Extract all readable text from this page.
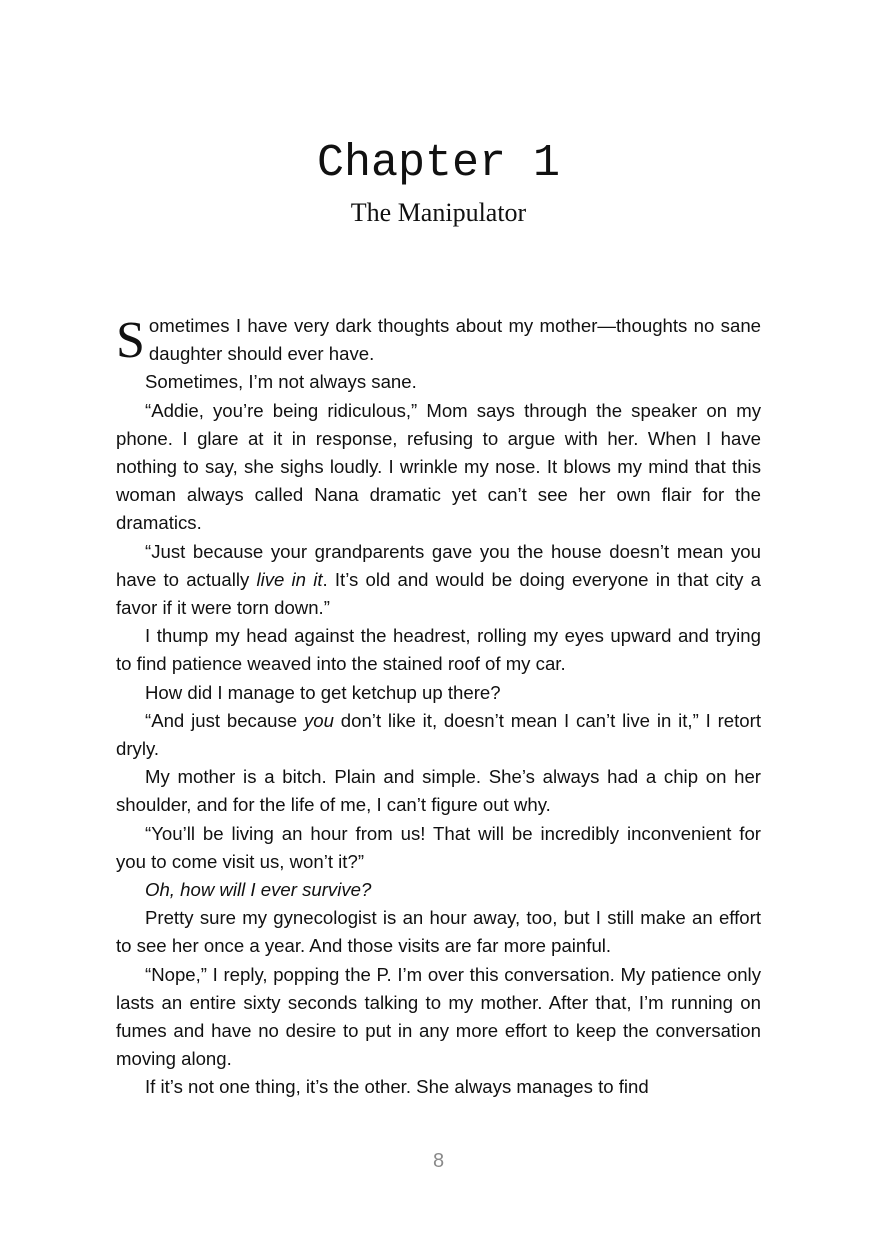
Chapter 1
The Manipulator

Sometimes I have very dark thoughts about my mother—thoughts no sane daughter should ever have.

Sometimes, I’m not always sane.

“Addie, you’re being ridiculous,” Mom says through the speaker on my phone. I glare at it in response, refusing to argue with her. When I have nothing to say, she sighs loudly. I wrinkle my nose. It blows my mind that this woman always called Nana dramatic yet can’t see her own flair for the dramatics.

“Just because your grandparents gave you the house doesn’t mean you have to actually live in it. It’s old and would be doing everyone in that city a favor if it were torn down.”

I thump my head against the headrest, rolling my eyes upward and trying to find patience weaved into the stained roof of my car.

How did I manage to get ketchup up there?

“And just because you don’t like it, doesn’t mean I can’t live in it,” I retort dryly.

My mother is a bitch. Plain and simple. She’s always had a chip on her shoulder, and for the life of me, I can’t figure out why.

“You’ll be living an hour from us! That will be incredibly inconvenient for you to come visit us, won’t it?”

Oh, how will I ever survive?

Pretty sure my gynecologist is an hour away, too, but I still make an effort to see her once a year. And those visits are far more painful.

“Nope,” I reply, popping the P. I’m over this conversation. My patience only lasts an entire sixty seconds talking to my mother. After that, I’m running on fumes and have no desire to put in any more effort to keep the conversation moving along.

If it’s not one thing, it’s the other. She always manages to find

8
